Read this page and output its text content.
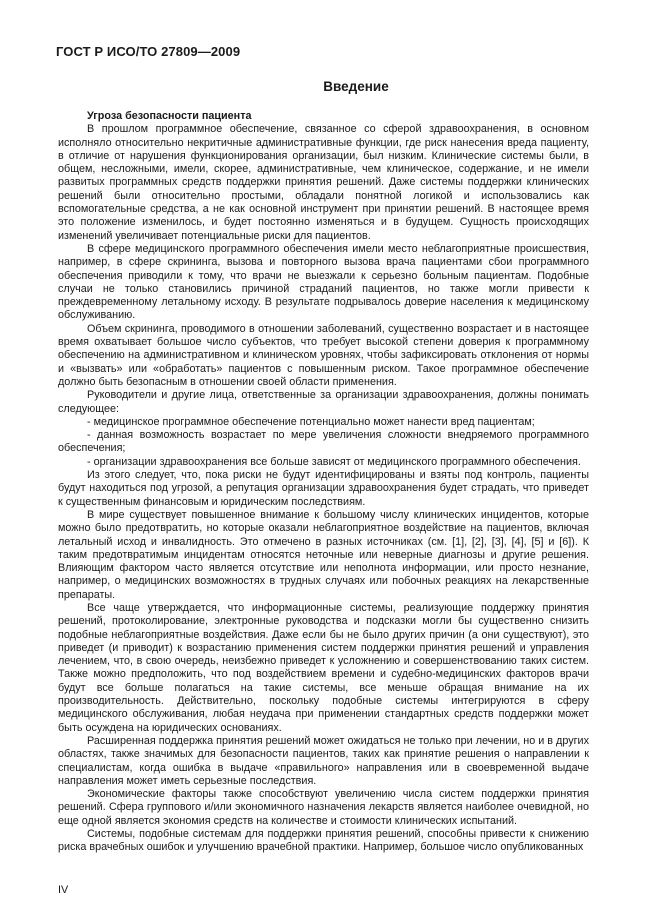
ГОСТ Р ИСО/ТО 27809—2009
Введение

Угроза безопасности пациента

В прошлом программное обеспечение, связанное со сферой здравоохранения, в основном исполняло относительно некритичные административные функции, где риск нанесения вреда пациенту, в отличие от нарушения функционирования организации, был низким. Клинические системы были, в общем, несложными, имели, скорее, административные, чем клиническое, содержание, и не имели развитых программных средств поддержки принятия решений. Даже системы поддержки клинических решений были относительно простыми, обладали понятной логикой и использовались как вспомогательные средства, а не как основной инструмент при принятии решений. В настоящее время это положение изменилось, и будет постоянно изменяться и в будущем. Сущность происходящих изменений увеличивает потенциальные риски для пациентов.

В сфере медицинского программного обеспечения имели место неблагоприятные происшествия, например, в сфере скрининга, вызова и повторного вызова врача пациентами сбои программного обеспечения приводили к тому, что врачи не выезжали к серьезно больным пациентам. Подобные случаи не только становились причиной страданий пациентов, но также могли привести к преждевременному летальному исходу. В результате подрывалось доверие населения к медицинскому обслуживанию.

Объем скрининга, проводимого в отношении заболеваний, существенно возрастает и в настоящее время охватывает большое число субъектов, что требует высокой степени доверия к программному обеспечению на административном и клиническом уровнях, чтобы зафиксировать отклонения от нормы и «вызвать» или «обработать» пациентов с повышенным риском. Такое программное обеспечение должно быть безопасным в отношении своей области применения.

Руководители и другие лица, ответственные за организации здравоохранения, должны понимать следующее:

- медицинское программное обеспечение потенциально может нанести вред пациентам;

- данная возможность возрастает по мере увеличения сложности внедряемого программного обеспечения;

- организации здравоохранения все больше зависят от медицинского программного обеспечения.

Из этого следует, что, пока риски не будут идентифицированы и взяты под контроль, пациенты будут находиться под угрозой, а репутация организации здравоохранения будет страдать, что приведет к существенным финансовым и юридическим последствиям.

В мире существует повышенное внимание к большому числу клинических инцидентов, которые можно было предотвратить, но которые оказали неблагоприятное воздействие на пациентов, включая летальный исход и инвалидность. Это отмечено в разных источниках (см. [1], [2], [3], [4], [5] и [6]). К таким предотвратимым инцидентам относятся неточные или неверные диагнозы и другие решения. Влияющим фактором часто является отсутствие или неполнота информации, или просто незнание, например, о медицинских возможностях в трудных случаях или побочных реакциях на лекарственные препараты.

Все чаще утверждается, что информационные системы, реализующие поддержку принятия решений, протоколирование, электронные руководства и подсказки могли бы существенно снизить подобные неблагоприятные воздействия. Даже если бы не было других причин (а они существуют), это приведет (и приводит) к возрастанию применения систем поддержки принятия решений и управления лечением, что, в свою очередь, неизбежно приведет к усложнению и совершенствованию таких систем. Также можно предположить, что под воздействием времени и судебно-медицинских факторов врачи будут все больше полагаться на такие системы, все меньше обращая внимание на их производительность. Действительно, поскольку подобные системы интегрируются в сферу медицинского обслуживания, любая неудача при применении стандартных средств поддержки может быть осуждена на юридических основаниях.

Расширенная поддержка принятия решений может ожидаться не только при лечении, но и в других областях, также значимых для безопасности пациентов, таких как принятие решения о направлении к специалистам, когда ошибка в выдаче «правильного» направления или в своевременной выдаче направления может иметь серьезные последствия.

Экономические факторы также способствуют увеличению числа систем поддержки принятия решений. Сфера группового и/или экономичного назначения лекарств является наиболее очевидной, но еще одной является экономия средств на количестве и стоимости клинических испытаний.

Системы, подобные системам для поддержки принятия решений, способны привести к снижению риска врачебных ошибок и улучшению врачебной практики. Например, большое число опубликованных

IV
